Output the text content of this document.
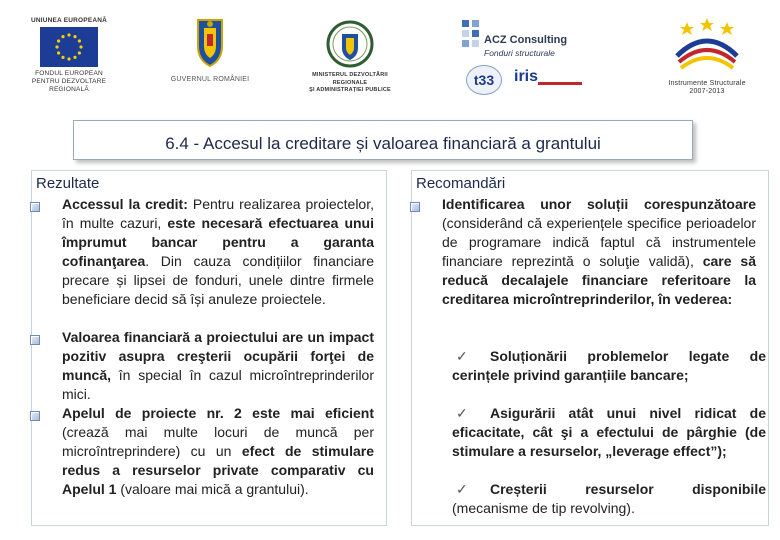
UNIUNEA EUROPEANĂ
FONDUL EUROPEAN
PENTRU DEZVOLTARE REGIONALĂ
GUVERNUL ROMÂNIEI
MINISTERUL DEZVOLTĂRII REGIONALE
ŞI ADMINISTRAȚIEI PUBLICE
ACZ Consulting
Fonduri structurale
t33	iris	Instrumente Structurale
2007-2013
6.4 - Accesul la creditare și valoarea financiară a grantului
Rezultate
Accessul la credit: Pentru realizarea proiectelor, în multe cazuri, este necesară efectuarea unui împrumut bancar pentru a garanta cofinanţarea. Din cauza condițiilor financiare precare și lipsei de fonduri, unele dintre firmele beneficiare decid să își anuleze proiectele.
Valoarea financiară a proiectului are un impact pozitiv asupra creşterii ocupării forţei de muncă, în special în cazul microîntreprinderilor mici.
Apelul de proiecte nr. 2 este mai eficient (crează mai multe locuri de muncă per microîntreprindere) cu un efect de stimulare redus a resurselor private comparativ cu Apelul 1 (valoare mai mică a grantului).
Recomandări
Identificarea unor soluții corespunzătoare (considerând că experiențele specifice perioadelor de programare indică faptul că instrumentele financiare reprezintă o soluţie validă), care să reducă decalajele financiare referitoare la creditarea microîntreprinderilor, în vederea:
✓ Soluționării problemelor legate de cerințele privind garanțiile bancare;
✓ Asigurării atât unui nivel ridicat de eficacitate, cât şi a efectului de pârghie (de stimulare a resurselor, „leverage effect”);
✓ Creșterii resurselor disponibile (mecanisme de tip revolving).
